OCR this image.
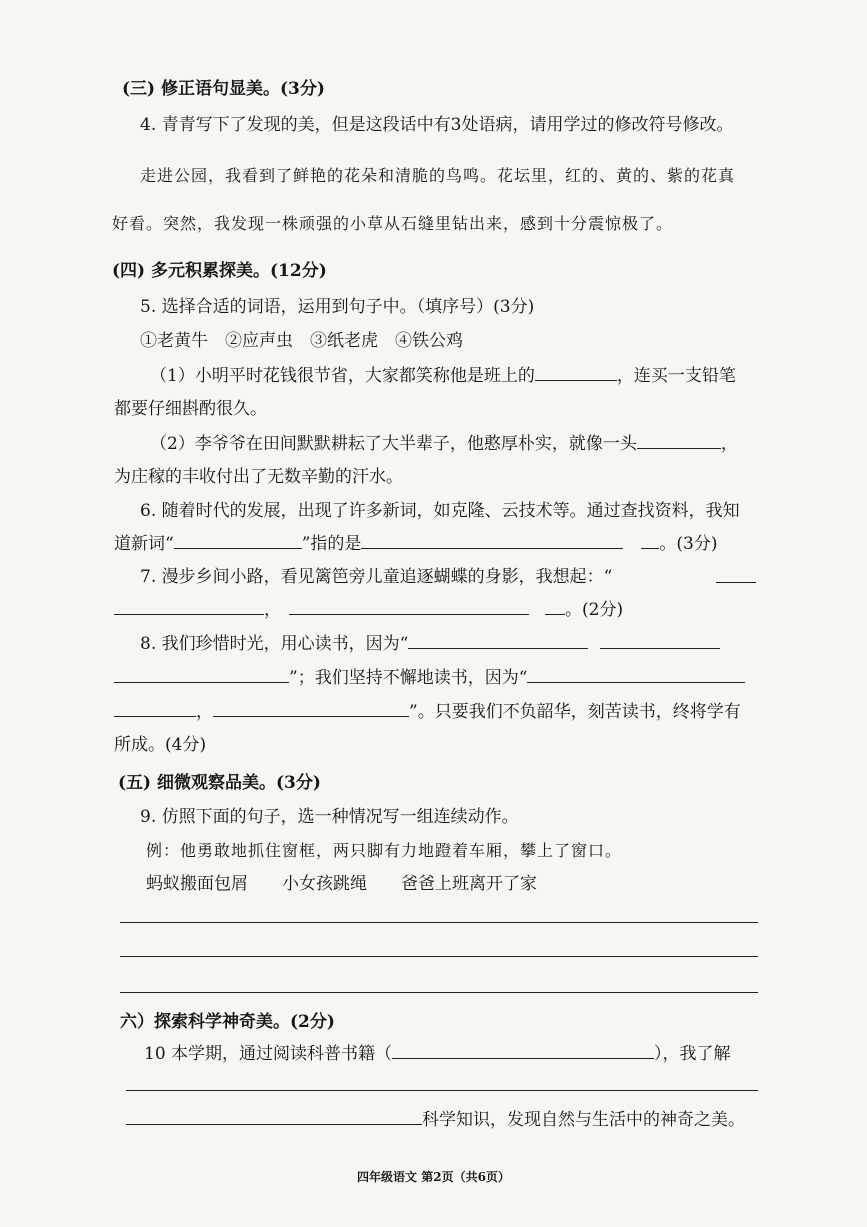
(三) 修正语句显美。(3分)
4. 青青写下了发现的美，但是这段话中有3处语病，请用学过的修改符号修改。
走进公园，我看到了鲜艳的花朵和清脆的鸟鸣。花坛里，红的、黄的、紫的花真
好看。突然，我发现一株顽强的小草从石缝里钻出来，感到十分震惊极了。
(四) 多元积累探美。(12分)
5. 选择合适的词语，运用到句子中。（填序号）(3分)
①老黄牛　②应声虫　③纸老虎　④铁公鸡
（1）小明平时花钱很节省，大家都笑称他是班上的	，连买一支铅笔
都要仔细斟酌很久。
（2）李爷爷在田间默默耕耘了大半辈子，他憨厚朴实，就像一头	，
为庄稼的丰收付出了无数辛勤的汗水。
6. 随着时代的发展，出现了许多新词，如克隆、云技术等。通过查找资料，我知
道新词“	”指的是	。(3分)
7. 漫步乡间小路，看见篱笆旁儿童追逐蝴蝶的身影，我想起：“
，	。(2分)
8. 我们珍惜时光，用心读书，因为“
”；我们坚持不懈地读书，因为“
，	”。只要我们不负韶华，刻苦读书，终将学有
所成。(4分)
(五) 细微观察品美。(3分)
9. 仿照下面的句子，选一种情况写一组连续动作。
例：他勇敢地抓住窗框，两只脚有力地蹬着车厢，攀上了窗口。
蚂蚁搬面包屑　　小女孩跳绳　　爸爸上班离开了家
六）探索科学神奇美。(2分)
10 本学期，通过阅读科普书籍（	），我了解
科学知识，发现自然与生活中的神奇之美。
四年级语文 第2页（共6页）
